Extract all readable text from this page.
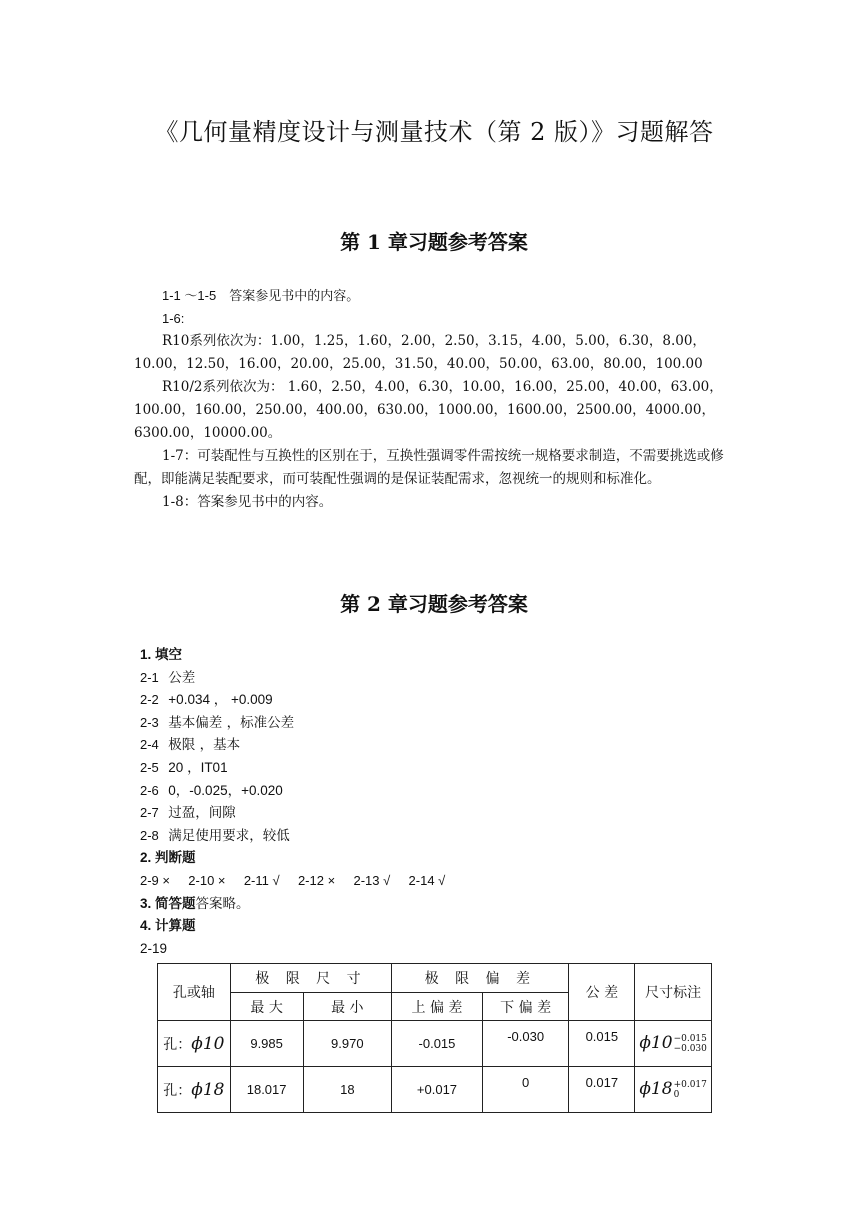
《几何量精度设计与测量技术（第 2 版）》习题解答
第 1 章习题参考答案

1-1 ～1-5　答案参见书中的内容。

1-6:

R10系列依次为：1.00，1.25，1.60，2.00，2.50，3.15，4.00，5.00，6.30，8.00，10.00，12.50，16.00，20.00，25.00，31.50，40.00，50.00，63.00，80.00，100.00

R10/2系列依次为： 1.60，2.50，4.00，6.30，10.00，16.00，25.00，40.00，63.00，100.00，160.00，250.00，400.00，630.00，1000.00，1600.00，2500.00，4000.00，6300.00，10000.00。

1-7：可装配性与互换性的区别在于，互换性强调零件需按统一规格要求制造，不需要挑选或修配，即能满足装配要求，而可装配性强调的是保证装配需求，忽视统一的规则和标准化。

1-8：答案参见书中的内容。

第 2 章习题参考答案

1. 填空

2-1 公差

2-2 +0.034 ， +0.009

2-3 基本偏差 ，标准公差

2-4 极限 ，基本

2-5 20 ，IT01

2-6 0，-0.025，+0.020

2-7 过盈，间隙

2-8 满足使用要求，较低

2. 判断题

2-9 × 2-10 × 2-11 √ 2-12 × 2-13 √ 2-14 √

3. 简答题答案略。

4. 计算题

2-19

孔或轴	极 限 尺 寸		极 限 偏 差		公 差	尺寸标注
	最 大	最 小	上 偏 差	下 偏 差		
孔：ϕ10	9.985	9.970	-0.015	-0.030	0.015	ϕ10−0.015
−0.030
孔：ϕ18	18.017	18	+0.017	0	0.017	ϕ18+0.017
0
